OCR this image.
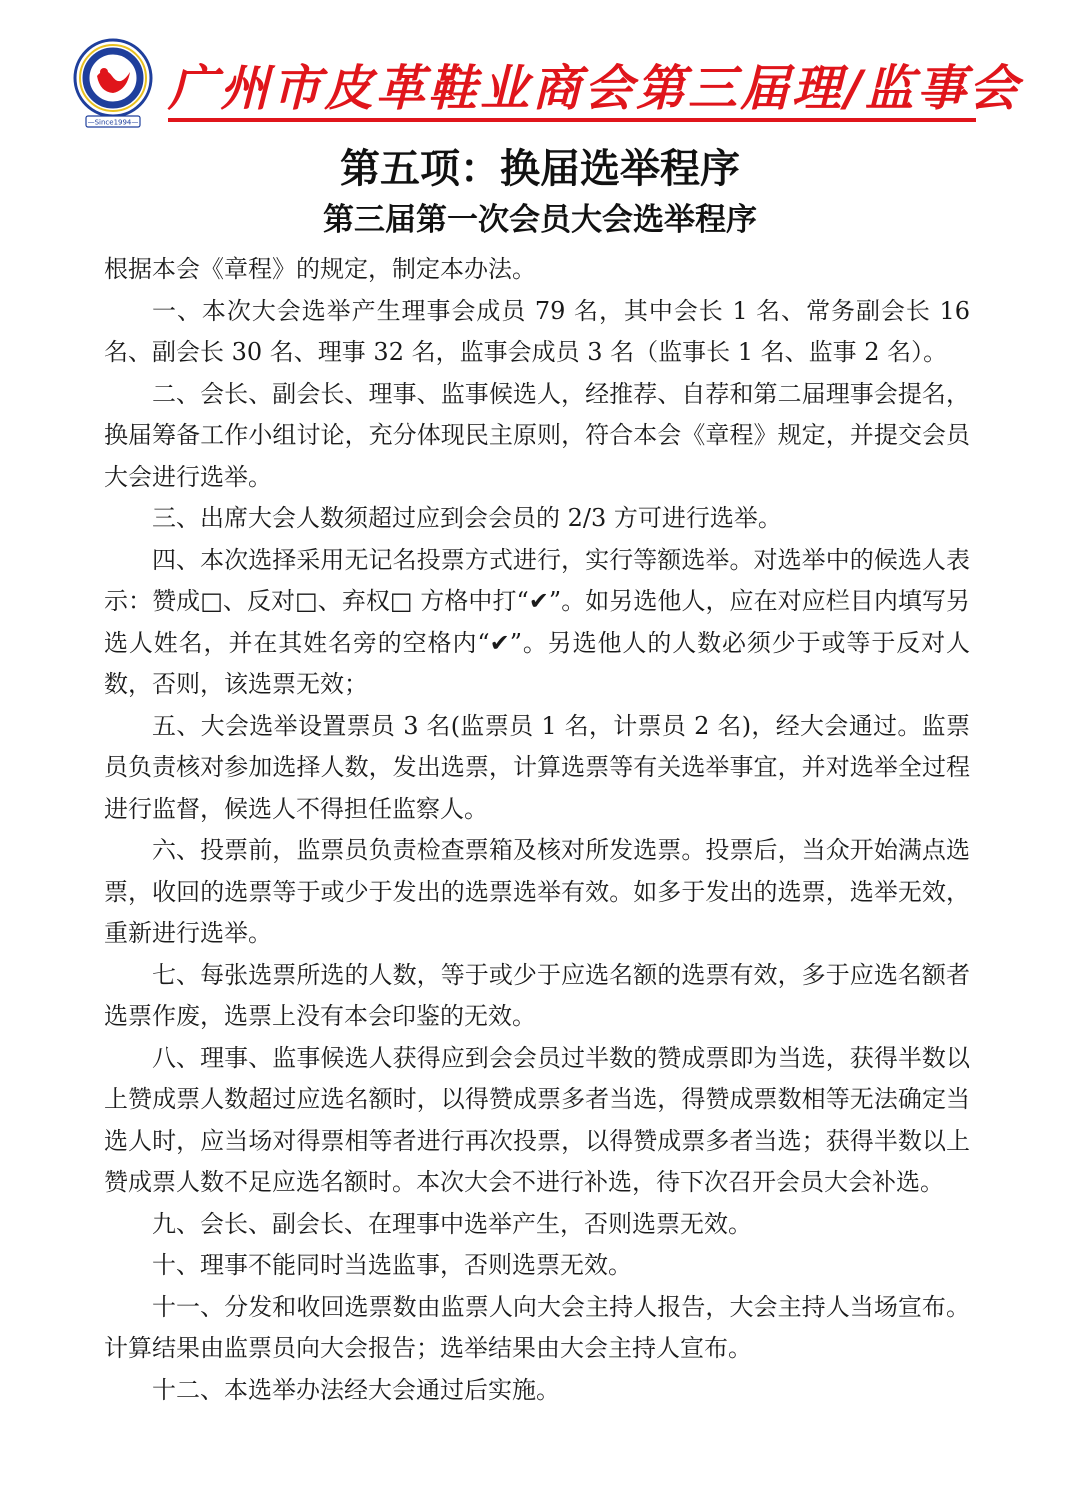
—Since1994—
广州市皮革鞋业商会第三届理/监事会
第五项：换届选举程序
第三届第一次会员大会选举程序

根据本会《章程》的规定，制定本办法。

一、本次大会选举产生理事会成员 79 名，其中会长 1 名、常务副会长 16 名、副会长 30 名、理事 32 名，监事会成员 3 名（监事长 1 名、监事 2 名）。

二、会长、副会长、理事、监事候选人，经推荐、自荐和第二届理事会提名，换届筹备工作小组讨论，充分体现民主原则，符合本会《章程》规定，并提交会员大会进行选举。

三、出席大会人数须超过应到会会员的 2/3 方可进行选举。

四、本次选择采用无记名投票方式进行，实行等额选举。对选举中的候选人表示：赞成□、反对□、弃权□ 方格中打“✔”。如另选他人，应在对应栏目内填写另选人姓名，并在其姓名旁的空格内“✔”。另选他人的人数必须少于或等于反对人数，否则，该选票无效；

五、大会选举设置票员 3 名(监票员 1 名，计票员 2 名)，经大会通过。监票员负责核对参加选择人数，发出选票，计算选票等有关选举事宜，并对选举全过程进行监督，候选人不得担任监察人。

六、投票前，监票员负责检查票箱及核对所发选票。投票后，当众开始满点选票，收回的选票等于或少于发出的选票选举有效。如多于发出的选票，选举无效，重新进行选举。

七、每张选票所选的人数，等于或少于应选名额的选票有效，多于应选名额者选票作废，选票上没有本会印鉴的无效。

八、理事、监事候选人获得应到会会员过半数的赞成票即为当选，获得半数以上赞成票人数超过应选名额时，以得赞成票多者当选，得赞成票数相等无法确定当选人时，应当场对得票相等者进行再次投票，以得赞成票多者当选；获得半数以上赞成票人数不足应选名额时。本次大会不进行补选，待下次召开会员大会补选。

九、会长、副会长、在理事中选举产生，否则选票无效。

十、理事不能同时当选监事，否则选票无效。

十一、分发和收回选票数由监票人向大会主持人报告，大会主持人当场宣布。计算结果由监票员向大会报告；选举结果由大会主持人宣布。

十二、本选举办法经大会通过后实施。
